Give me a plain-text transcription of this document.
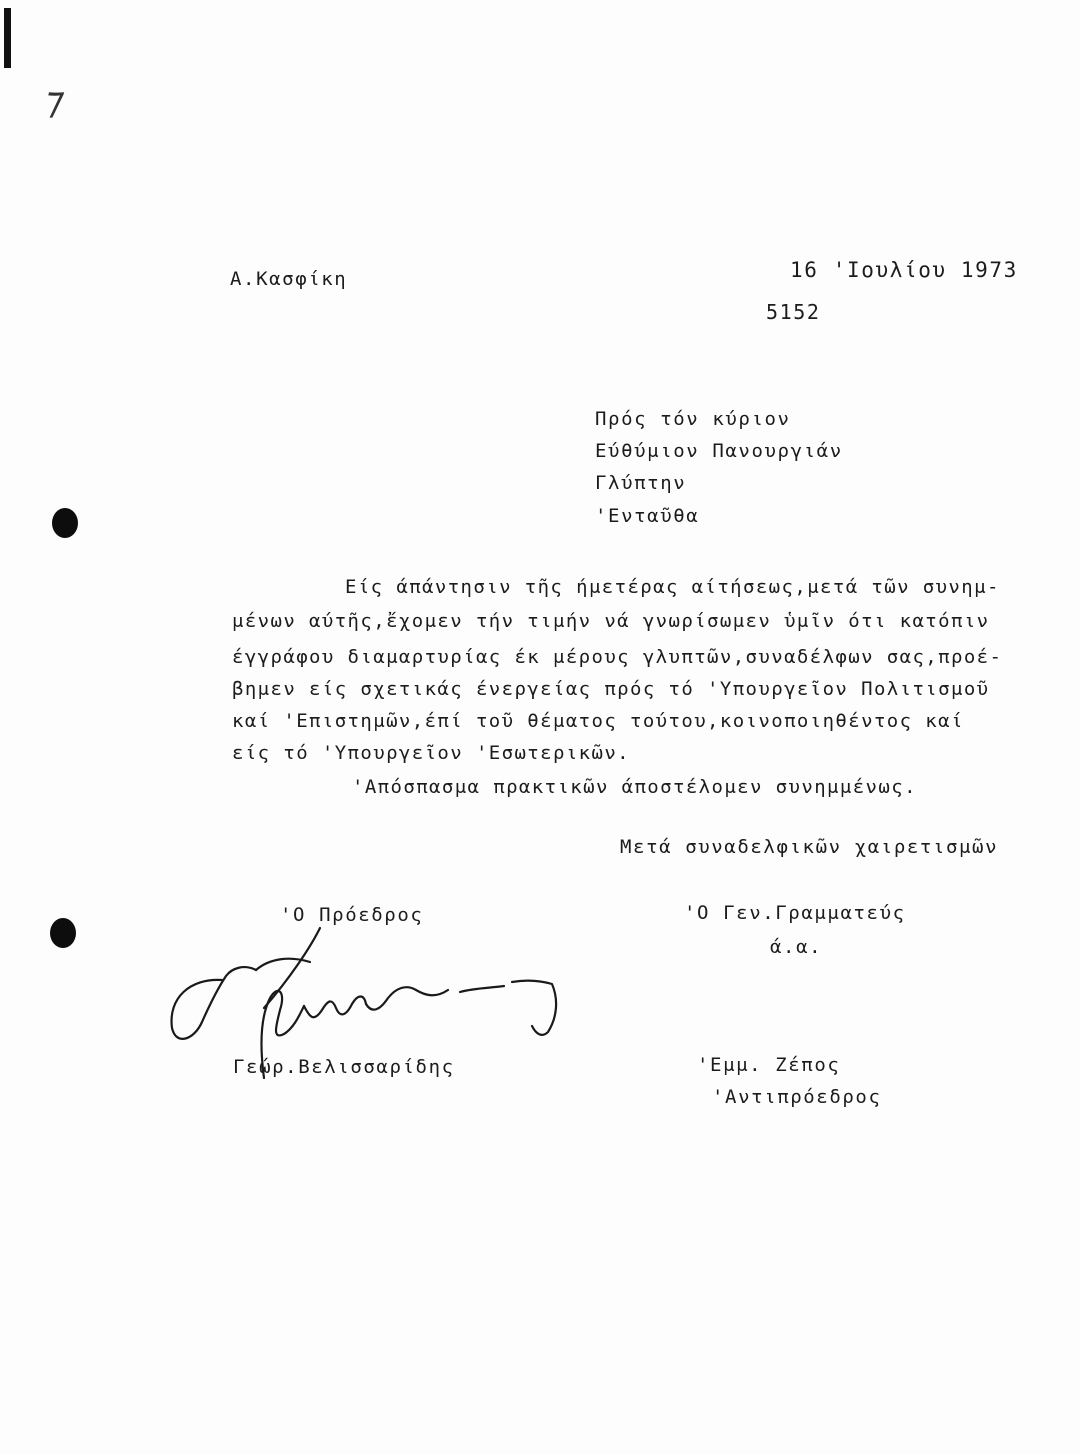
⁊
Α.Κασφίκη	16 'Ιουλίου 1973
5152
Πρός τόν κύριον
Εύθύμιον Πανουργιάν
Γλύπτην
'Ενταῦθα
Είς άπάντησιν τῆς ήμετέρας αίτήσεως,μετά τῶν συνημ-
μένων αύτῆς,ἔχομεν τήν τιμήν νά γνωρίσωμεν ὑμῖν ότι κατόπιν
έγγράφου διαμαρτυρίας έκ μέρους γλυπτῶν,συναδέλφων σας,προέ-
βημεν είς σχετικάς ένεργείας πρός τό 'Υπουργεῖον Πολιτισμοῦ
καί 'Επιστημῶν,έπί τοῦ θέματος τούτου,κοινοποιηθέντος καί
είς τό 'Υπουργεῖον 'Εσωτερικῶν.
'Απόσπασμα πρακτικῶν άποστέλομεν συνημμένως.
Μετά συναδελφικῶν χαιρετισμῶν
'Ο Πρόεδρος	'Ο Γεν.Γραμματεύς
ά.α.
Γεώρ.Βελισσαρίδης	'Εμμ. Ζέπος
'Αντιπρόεδρος
